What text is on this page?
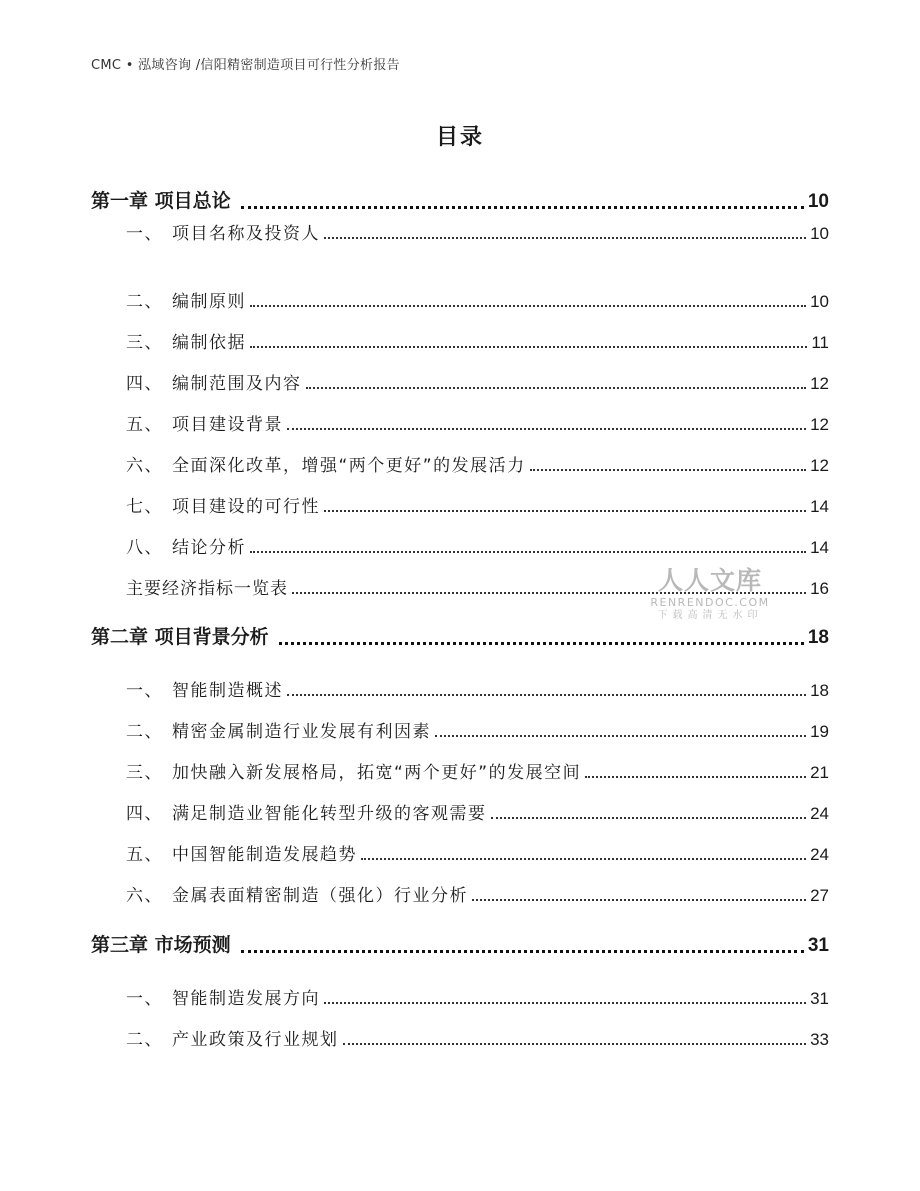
CMC • 泓域咨询 /信阳精密制造项目可行性分析报告
目录
第一章 项目总论	10
一、 项目名称及投资人	10
二、 编制原则	10
三、 编制依据	11
四、 编制范围及内容	12
五、 项目建设背景	12
六、 全面深化改革，增强“两个更好”的发展活力	12
七、 项目建设的可行性	14
八、 结论分析	14
主要经济指标一览表	16
第二章 项目背景分析	18
一、 智能制造概述	18
二、 精密金属制造行业发展有利因素	19
三、 加快融入新发展格局，拓宽“两个更好”的发展空间	21
四、 满足制造业智能化转型升级的客观需要	24
五、 中国智能制造发展趋势	24
六、 金属表面精密制造（强化）行业分析	27
第三章 市场预测	31
一、 智能制造发展方向	31
二、 产业政策及行业规划	33
人人文库
RENRENDOC.COM
下载高清无水印
